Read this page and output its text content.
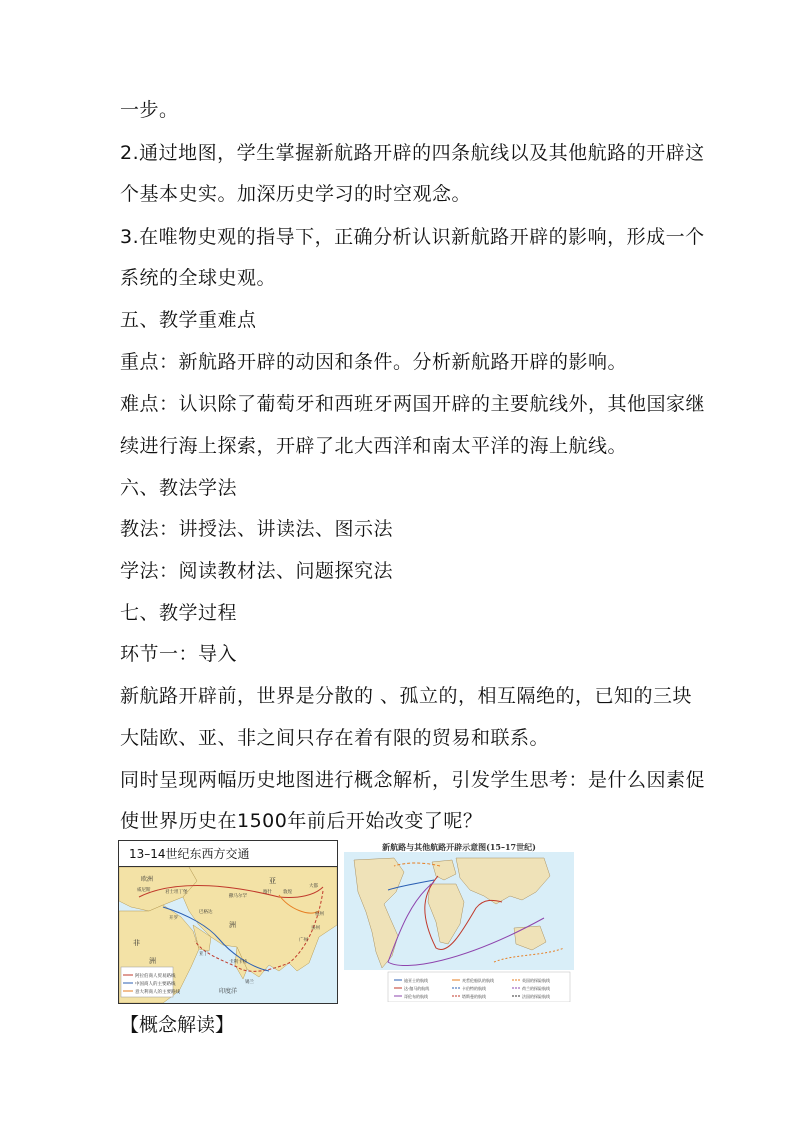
一步。
2.通过地图，学生掌握新航路开辟的四条航线以及其他航路的开辟这
个基本史实。加深历史学习的时空观念。
3.在唯物史观的指导下，正确分析认识新航路开辟的影响，形成一个
系统的全球史观。
五、教学重难点
重点：新航路开辟的动因和条件。分析新航路开辟的影响。
难点：认识除了葡萄牙和西班牙两国开辟的主要航线外，其他国家继
续进行海上探索，开辟了北大西洋和南太平洋的海上航线。
六、教法学法
教法：讲授法、讲读法、图示法
学法：阅读教材法、问题探究法
七、教学过程
环节一：导入
新航路开辟前，世界是分散的 、孤立的，相互隔绝的，已知的三块
大陆欧、亚、非之间只存在着有限的贸易和联系。
同时呈现两幅历史地图进行概念解析，引发学生思考：是什么因素促
使世界历史在1500年前后开始改变了呢？
13–14世纪东西方交通
阿拉伯商人贸易路线
中国商人的主要路线
意大利商人的主要路线
欧洲	亚
洲
非
洲
印度洋
大都
泉州
广州
杭州
敦煌
喀什
撒马尔罕
巴格达
君士坦丁堡
威尼斯
开罗
亚丁
卡利卡特
锡兰
新航路与其他航路开辟示意图(15–17世纪)
迪亚士的航线
达·伽马的航线
哥伦布的航线
麦哲伦船队的航线
卡伯特的航线
塔斯曼的航线
英国的探险航线
荷兰的探险航线
法国的探险航线
【概念解读】
